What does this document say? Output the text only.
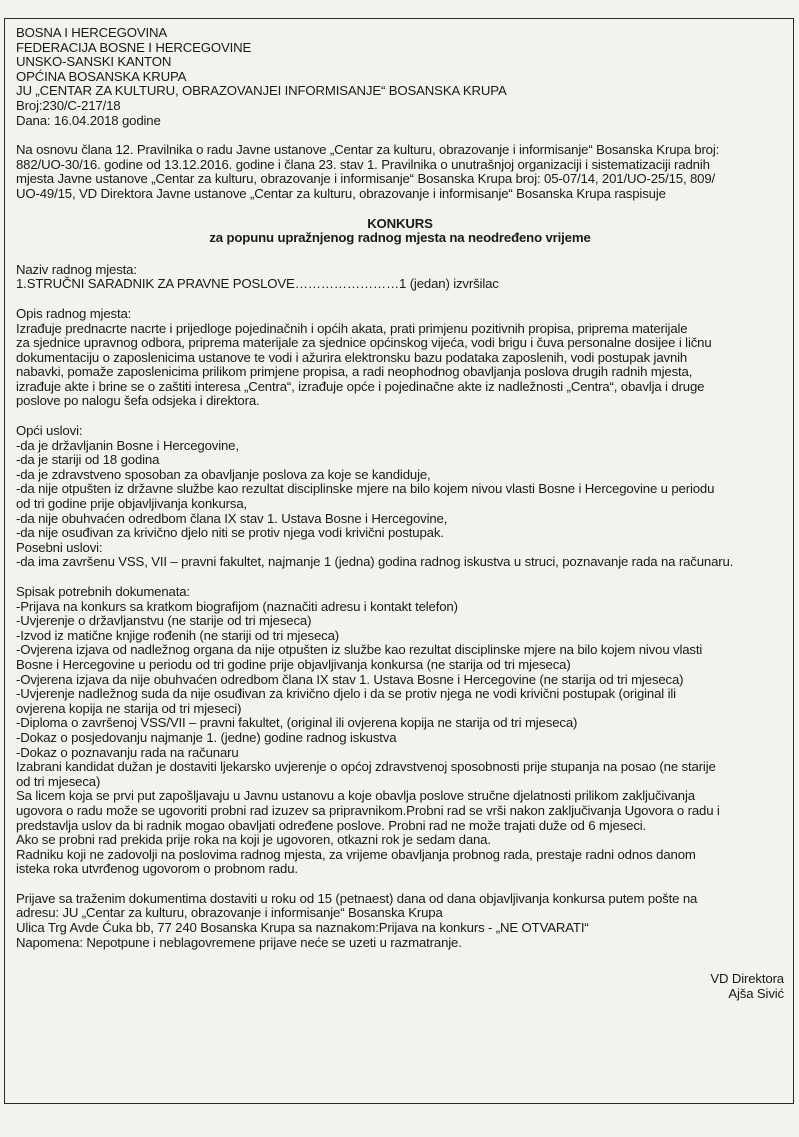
BOSNA I HERCEGOVINA
FEDERACIJA BOSNE I HERCEGOVINE
UNSKO-SANSKI KANTON
OPĆINA BOSANSKA KRUPA
JU „CENTAR ZA KULTURU, OBRAZOVANJEI INFORMISANJE“ BOSANSKA KRUPA
Broj:230/C-217/18
Dana: 16.04.2018 godine
Na osnovu člana 12. Pravilnika o radu Javne ustanove „Centar za kulturu, obrazovanje i informisanje“ Bosanska Krupa broj:
882/UO-30/16. godine od 13.12.2016. godine i člana 23. stav 1. Pravilnika o unutrašnjoj organizaciji i sistematizaciji radnih
mjesta Javne ustanove „Centar za kulturu, obrazovanje i informisanje“ Bosanska Krupa broj: 05-07/14, 201/UO-25/15, 809/
UO-49/15, VD Direktora Javne ustanove „Centar za kulturu, obrazovanje i informisanje“ Bosanska Krupa raspisuje
KONKURS
za popunu upražnjenog radnog mjesta na neodređeno vrijeme
Naziv radnog mjesta:
1.STRUČNI SARADNIK ZA PRAVNE POSLOVE……………………1 (jedan) izvršilac
Opis radnog mjesta:
Izrađuje prednacrte nacrte i prijedloge pojedinačnih i općih akata, prati primjenu pozitivnih propisa, priprema materijale
za sjednice upravnog odbora, priprema materijale za sjednice općinskog vijeća, vodi brigu i čuva personalne dosijee i ličnu
dokumentaciju o zaposlenicima ustanove te vodi i ažurira elektronsku bazu podataka zaposlenih, vodi postupak javnih
nabavki, pomaže zaposlenicima prilikom primjene propisa, a radi neophodnog obavljanja poslova drugih radnih mjesta,
izrađuje akte i brine se o zaštiti interesa „Centra“, izrađuje opće i pojedinačne akte iz nadležnosti „Centra“, obavlja i druge
poslove po nalogu šefa odsjeka i direktora.
Opći uslovi:
-da je državljanin Bosne i Hercegovine,
-da je stariji od 18 godina
-da je zdravstveno sposoban za obavljanje poslova za koje se kandiduje,
-da nije otpušten iz državne službe kao rezultat disciplinske mjere na bilo kojem nivou vlasti Bosne i Hercegovine u periodu
od tri godine prije objavljivanja konkursa,
-da nije obuhvaćen odredbom člana IX stav 1. Ustava Bosne i Hercegovine,
-da nije osuđivan za krivično djelo niti se protiv njega vodi krivični postupak.
Posebni uslovi:
-da ima završenu VSS, VII – pravni fakultet, najmanje 1 (jedna) godina radnog iskustva u struci, poznavanje rada na računaru.
Spisak potrebnih dokumenata:
-Prijava na konkurs sa kratkom biografijom (naznačiti adresu i kontakt telefon)
-Uvjerenje o državljanstvu (ne starije od tri mjeseca)
-Izvod iz matične knjige rođenih (ne stariji od tri mjeseca)
-Ovjerena izjava od nadležnog organa da nije otpušten iz službe kao rezultat disciplinske mjere na bilo kojem nivou vlasti
Bosne i Hercegovine u periodu od tri godine prije objavljivanja konkursa (ne starija od tri mjeseca)
-Ovjerena izjava da nije obuhvaćen odredbom člana IX stav 1. Ustava Bosne i Hercegovine (ne starija od tri mjeseca)
-Uvjerenje nadležnog suda da nije osuđivan za krivično djelo i da se protiv njega ne vodi krivični postupak (original ili
ovjerena kopija ne starija od tri mjeseci)
-Diploma o završenoj VSS/VII – pravni fakultet, (original ili ovjerena kopija ne starija od tri mjeseca)
-Dokaz o posjedovanju najmanje 1. (jedne) godine radnog iskustva
-Dokaz o poznavanju rada na računaru
Izabrani kandidat dužan je dostaviti ljekarsko uvjerenje o općoj zdravstvenoj sposobnosti prije stupanja na posao (ne starije
od tri mjeseca)
Sa licem koja se prvi put zapošljavaju u Javnu ustanovu a koje obavlja poslove stručne djelatnosti prilikom zaključivanja
ugovora o radu može se ugovoriti probni rad izuzev sa pripravnikom.Probni rad se vrši nakon zaključivanja Ugovora o radu i
predstavlja uslov da bi radnik mogao obavljati određene poslove. Probni rad ne može trajati duže od 6 mjeseci.
Ako se probni rad prekida prije roka na koji je ugovoren, otkazni rok je sedam dana.
Radniku koji ne zadovolji na poslovima radnog mjesta, za vrijeme obavljanja probnog rada, prestaje radni odnos danom
isteka roka utvrđenog ugovorom o probnom radu.
Prijave sa traženim dokumentima dostaviti u roku od 15 (petnaest) dana od dana objavljivanja konkursa putem pošte na
adresu: JU „Centar za kulturu, obrazovanje i informisanje“ Bosanska Krupa
Ulica Trg Avde Ćuka bb, 77 240 Bosanska Krupa sa naznakom:Prijava na konkurs - „NE OTVARATI“
Napomena: Nepotpune i neblagovremene prijave neće se uzeti u razmatranje.
VD Direktora
Ajša Sivić
